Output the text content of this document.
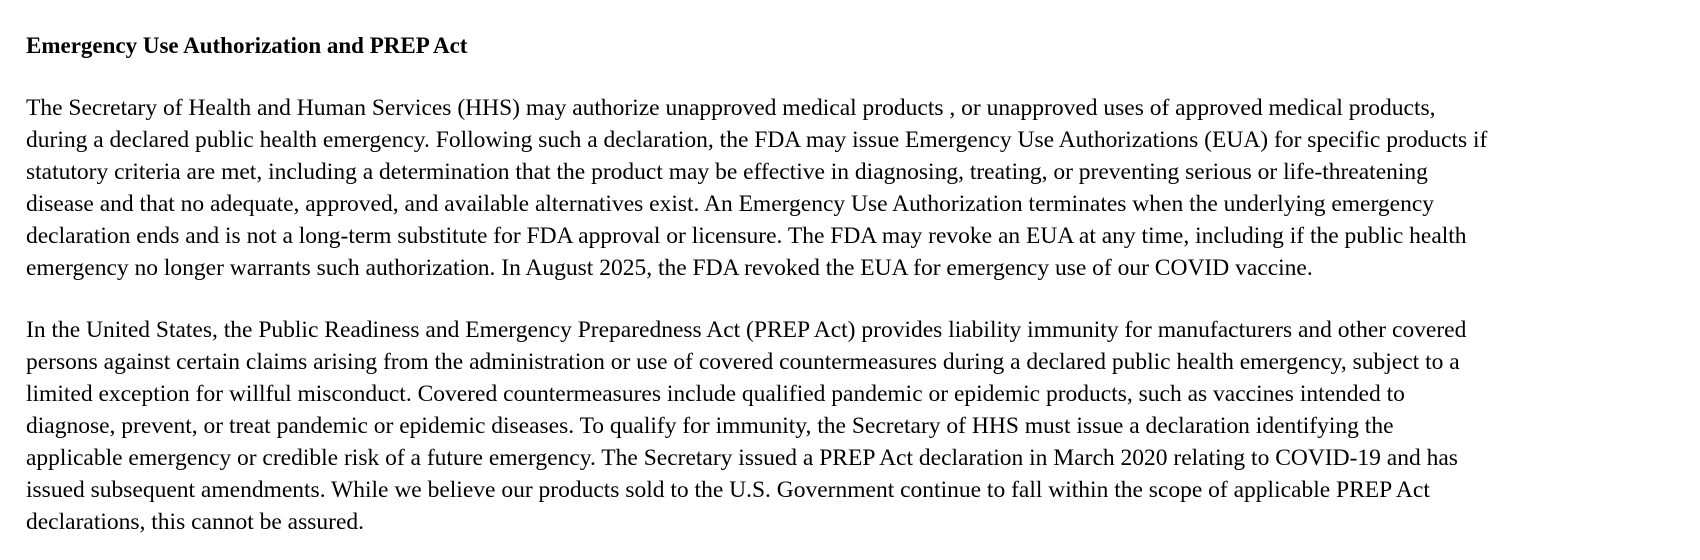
Emergency Use Authorization and PREP Act
The Secretary of Health and Human Services (HHS) may authorize unapproved medical products , or unapproved uses of approved medical products,
during a declared public health emergency. Following such a declaration, the FDA may issue Emergency Use Authorizations (EUA) for specific products if
statutory criteria are met, including a determination that the product may be effective in diagnosing, treating, or preventing serious or life-threatening
disease and that no adequate, approved, and available alternatives exist. An Emergency Use Authorization terminates when the underlying emergency
declaration ends and is not a long-term substitute for FDA approval or licensure. The FDA may revoke an EUA at any time, including if the public health
emergency no longer warrants such authorization. In August 2025, the FDA revoked the EUA for emergency use of our COVID vaccine.
In the United States, the Public Readiness and Emergency Preparedness Act (PREP Act) provides liability immunity for manufacturers and other covered
persons against certain claims arising from the administration or use of covered countermeasures during a declared public health emergency, subject to a
limited exception for willful misconduct. Covered countermeasures include qualified pandemic or epidemic products, such as vaccines intended to
diagnose, prevent, or treat pandemic or epidemic diseases. To qualify for immunity, the Secretary of HHS must issue a declaration identifying the
applicable emergency or credible risk of a future emergency. The Secretary issued a PREP Act declaration in March 2020 relating to COVID-19 and has
issued subsequent amendments. While we believe our products sold to the U.S. Government continue to fall within the scope of applicable PREP Act
declarations, this cannot be assured.
